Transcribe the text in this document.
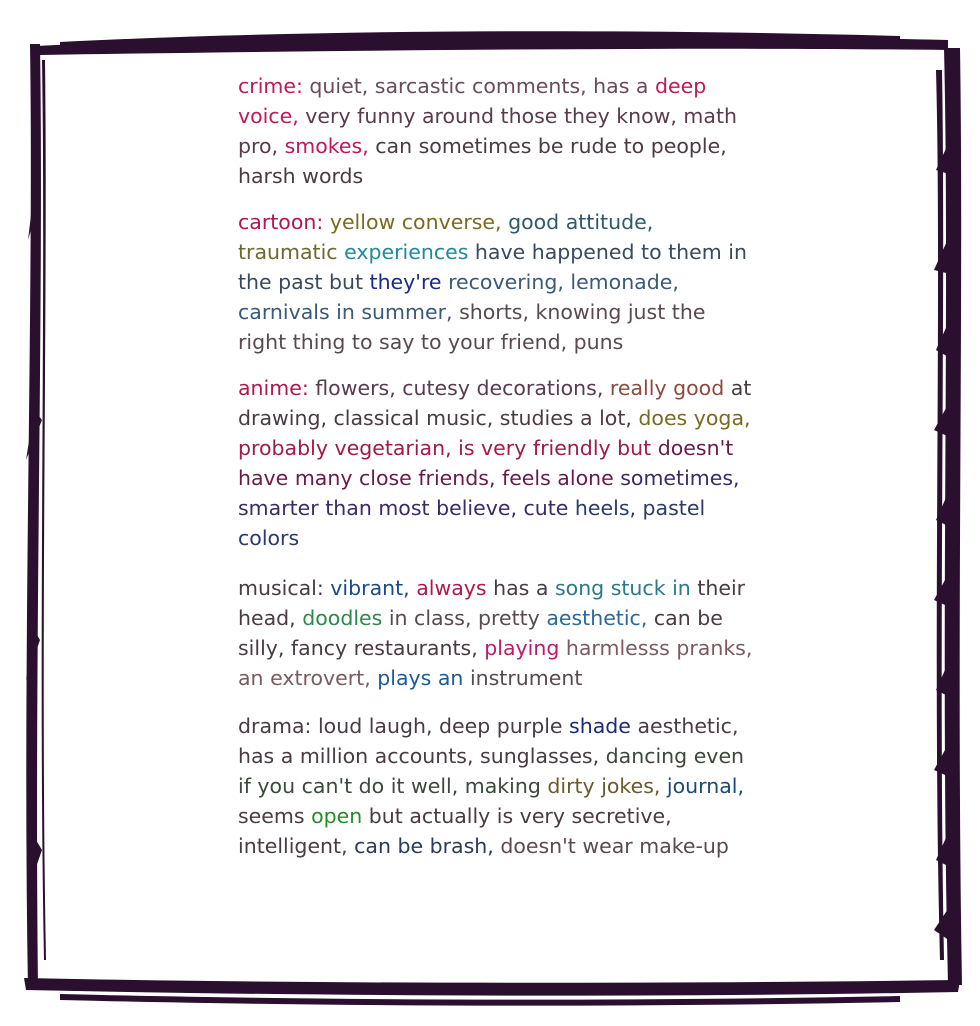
crime: quiet, sarcastic comments, has a deep voice, very funny around those they know, math pro, smokes, can sometimes be rude to people, harsh words

cartoon: yellow converse, good attitude, traumatic experiences have happened to them in the past but they're recovering, lemonade, carnivals in summer, shorts, knowing just the right thing to say to your friend, puns

anime: flowers, cutesy decorations, really good at drawing, classical music, studies a lot, does yoga, probably vegetarian, is very friendly but doesn't have many close friends, feels alone sometimes, smarter than most believe, cute heels, pastel colors

musical: vibrant, always has a song stuck in their head, doodles in class, pretty aesthetic, can be silly, fancy restaurants, playing harmlesss pranks, an extrovert, plays an instrument

drama: loud laugh, deep purple shade aesthetic, has a million accounts, sunglasses, dancing even if you can't do it well, making dirty jokes, journal, seems open but actually is very secretive, intelligent, can be brash, doesn't wear make-up
